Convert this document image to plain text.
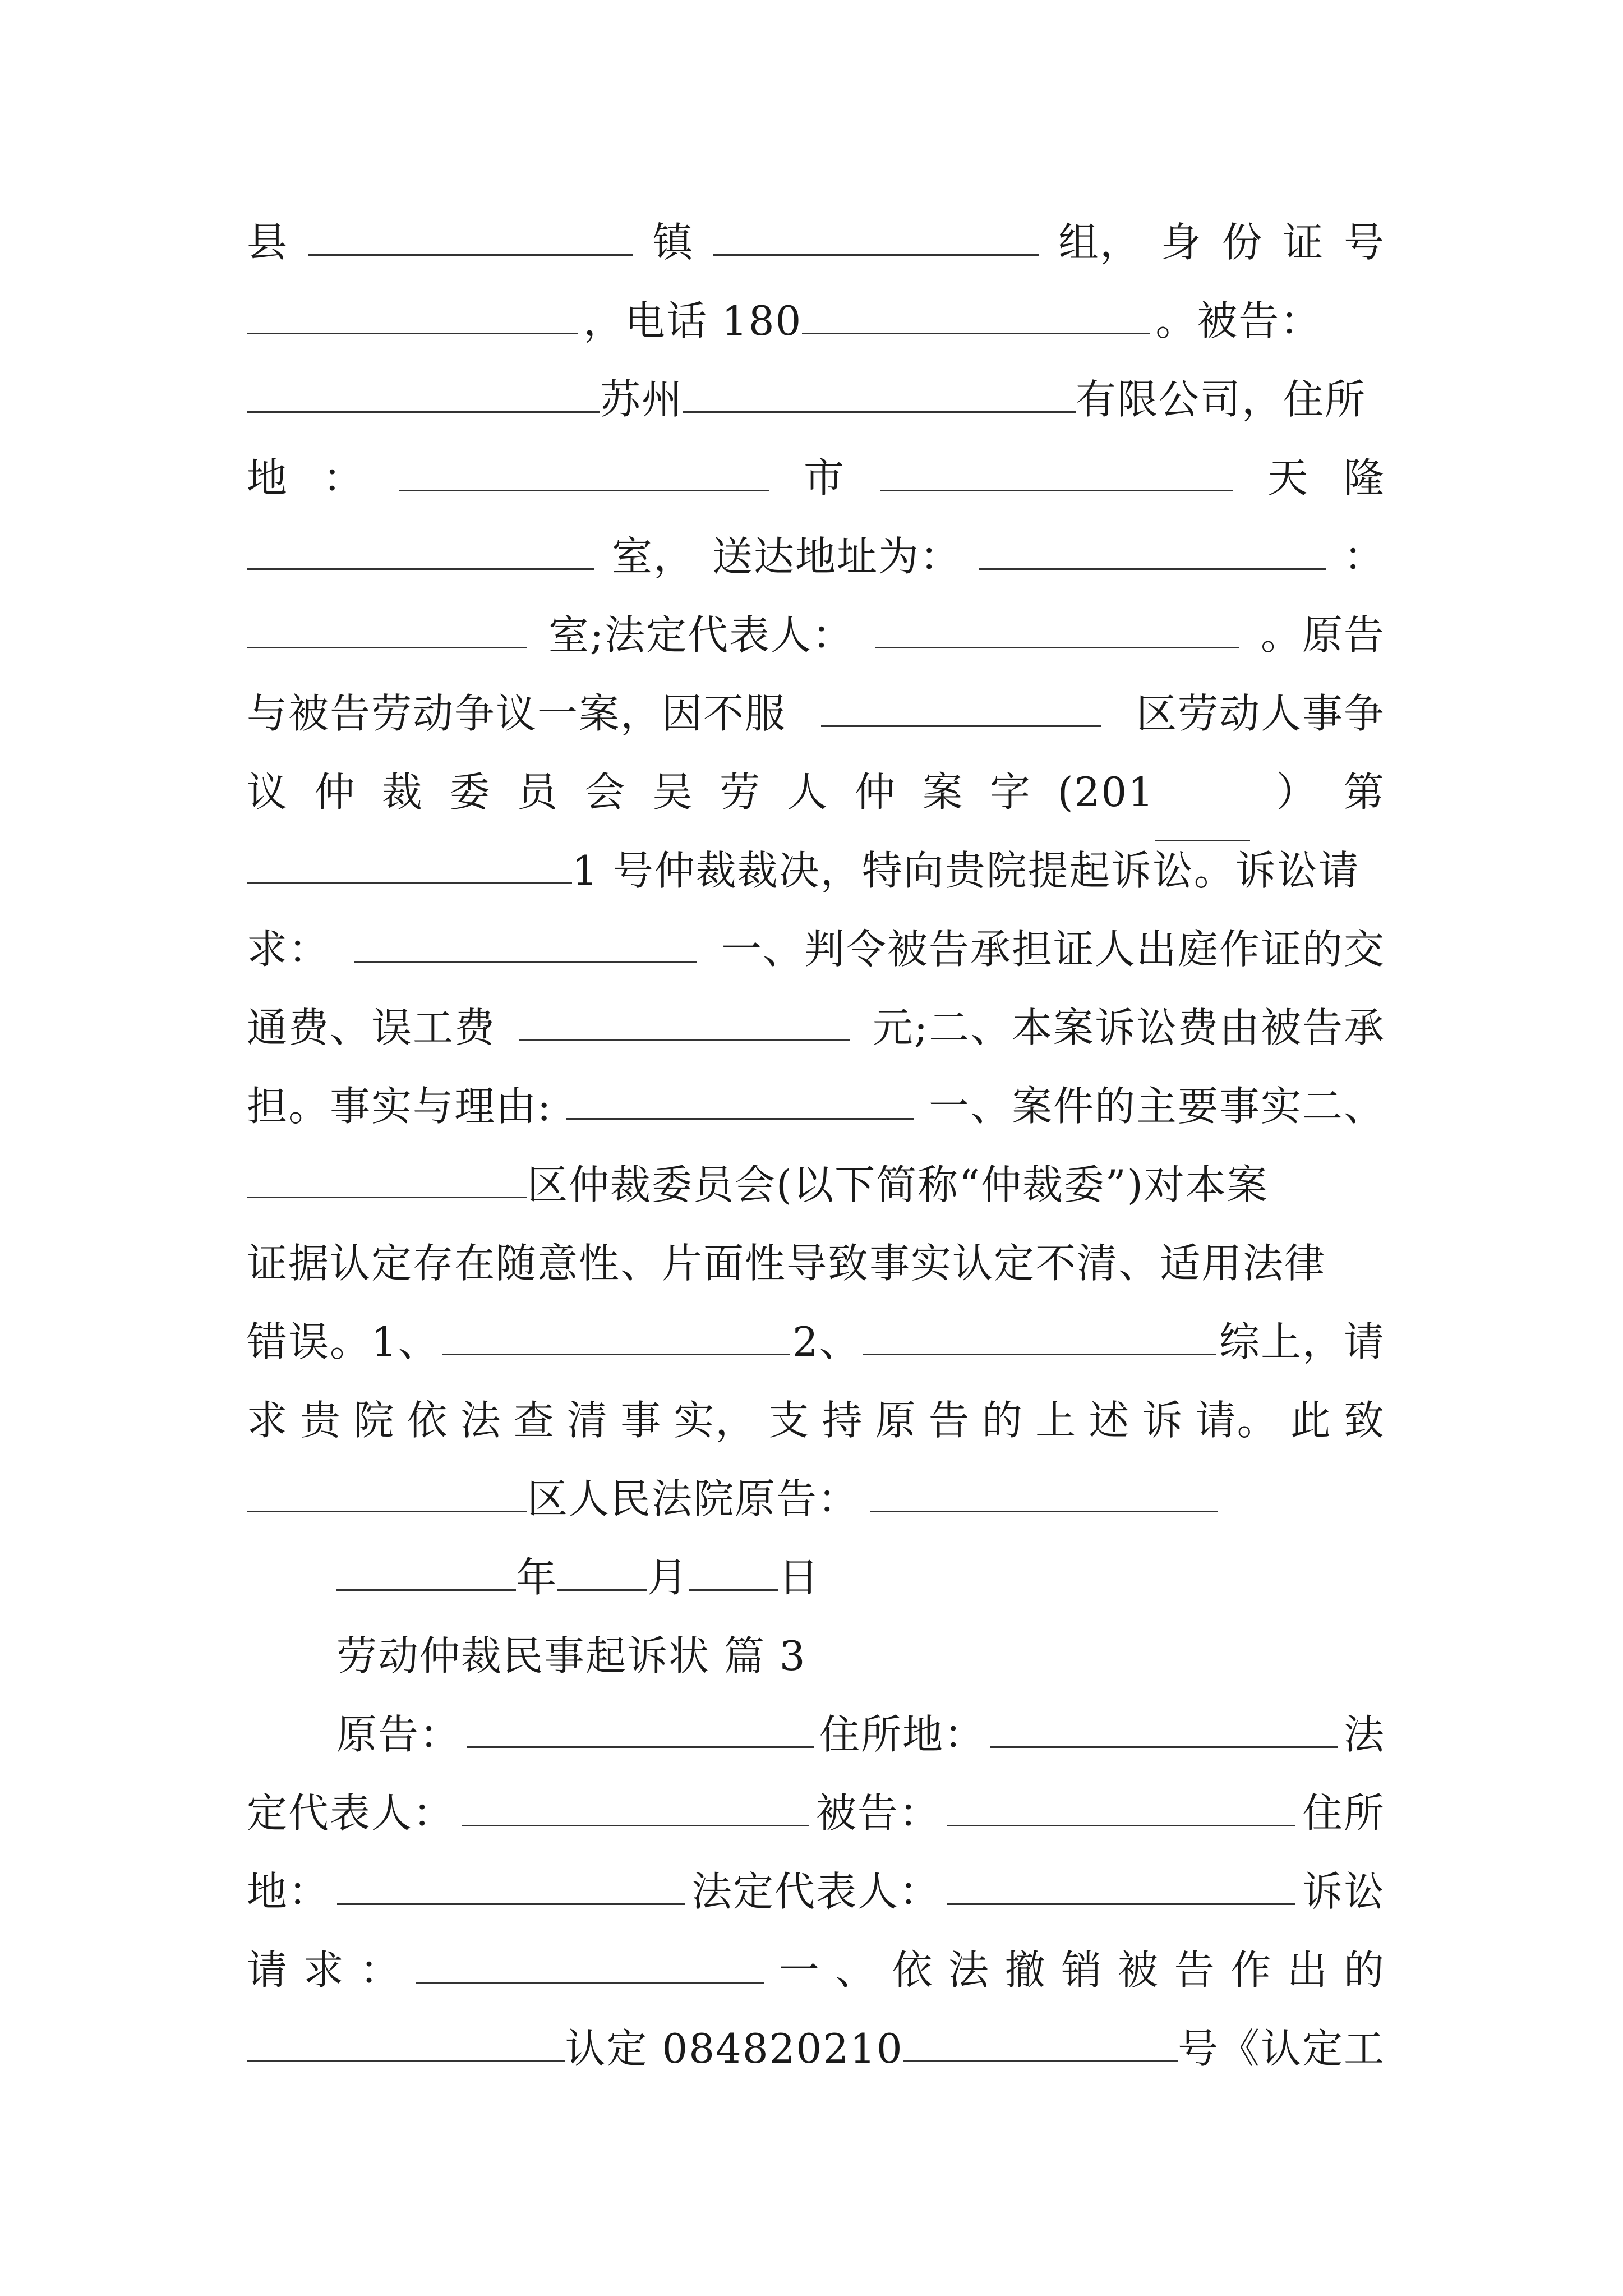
县	镇	组， 身 份 证 号
，电话 180	。被告：
苏州	有限公司，住所
地 ：	市	天 隆
室， 送达地址为：	：
室;法定代表人：	。原告
与被告劳动争议一案，因不服	区劳动人事争
议 仲 裁 委 员 会 吴 劳 人 仲 案 字 (201	） 第
1 号仲裁裁决，特向贵院提起诉讼。诉讼请
求：	一、判令被告承担证人出庭作证的交
通费、误工费	元;二、本案诉讼费由被告承
担。事实与理由:	一、案件的主要事实二、
区仲裁委员会(以下简称“仲裁委”)对本案
证据认定存在随意性、片面性导致事实认定不清、适用法律
错误。1、	2、	综上，请
求 贵 院 依 法 查 清 事 实， 支 持 原 告 的 上 述 诉 请。 此 致
区人民法院原告：
年 月 日
劳动仲裁民事起诉状 篇 3
原告：	住所地：	法
定代表人：	被告：	住所
地：	法定代表人：	诉讼
请 求 ：	一 、 依 法 撤 销 被 告 作 出 的
认定 084820210	号《认定工
